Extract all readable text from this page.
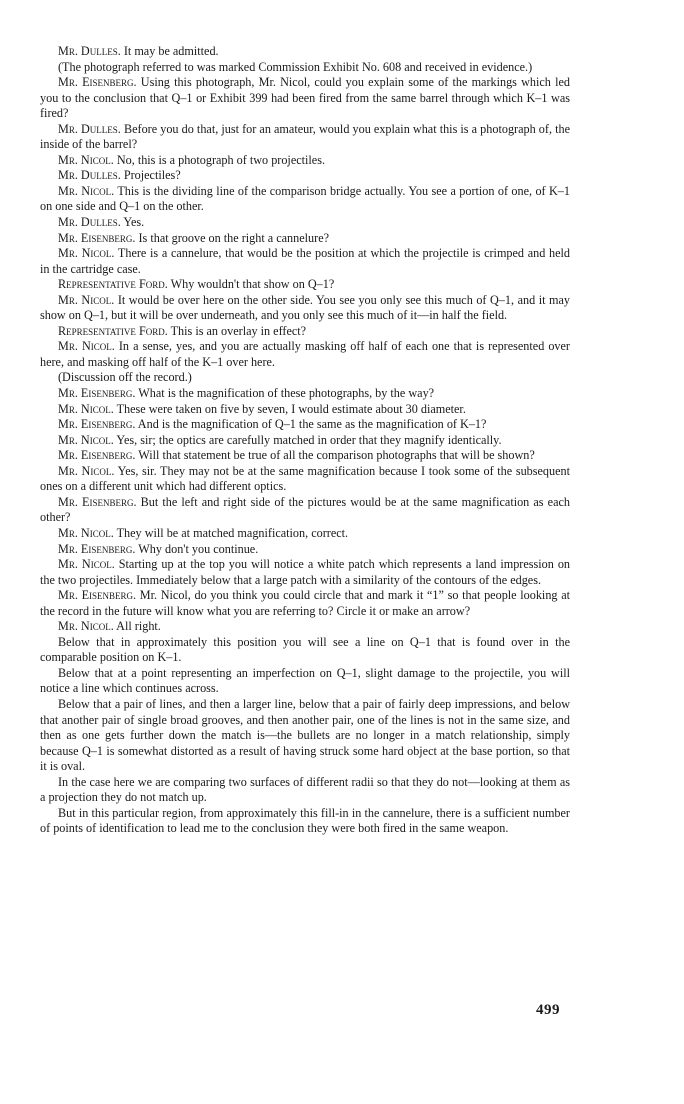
Mr. Dulles. It may be admitted.

(The photograph referred to was marked Commission Exhibit No. 608 and received in evidence.)

Mr. Eisenberg. Using this photograph, Mr. Nicol, could you explain some of the markings which led you to the conclusion that Q–1 or Exhibit 399 had been fired from the same barrel through which K–1 was fired?

Mr. Dulles. Before you do that, just for an amateur, would you explain what this is a photograph of, the inside of the barrel?

Mr. Nicol. No, this is a photograph of two projectiles.

Mr. Dulles. Projectiles?

Mr. Nicol. This is the dividing line of the comparison bridge actually. You see a portion of one, of K–1 on one side and Q–1 on the other.

Mr. Dulles. Yes.

Mr. Eisenberg. Is that groove on the right a cannelure?

Mr. Nicol. There is a cannelure, that would be the position at which the projectile is crimped and held in the cartridge case.

Representative Ford. Why wouldn't that show on Q–1?

Mr. Nicol. It would be over here on the other side. You see you only see this much of Q–1, and it may show on Q–1, but it will be over underneath, and you only see this much of it—in half the field.

Representative Ford. This is an overlay in effect?

Mr. Nicol. In a sense, yes, and you are actually masking off half of each one that is represented over here, and masking off half of the K–1 over here.

(Discussion off the record.)

Mr. Eisenberg. What is the magnification of these photographs, by the way?

Mr. Nicol. These were taken on five by seven, I would estimate about 30 diameter.

Mr. Eisenberg. And is the magnification of Q–1 the same as the magnification of K–1?

Mr. Nicol. Yes, sir; the optics are carefully matched in order that they magnify identically.

Mr. Eisenberg. Will that statement be true of all the comparison photographs that will be shown?

Mr. Nicol. Yes, sir. They may not be at the same magnification because I took some of the subsequent ones on a different unit which had different optics.

Mr. Eisenberg. But the left and right side of the pictures would be at the same magnification as each other?

Mr. Nicol. They will be at matched magnification, correct.

Mr. Eisenberg. Why don't you continue.

Mr. Nicol. Starting up at the top you will notice a white patch which represents a land impression on the two projectiles. Immediately below that a large patch with a similarity of the contours of the edges.

Mr. Eisenberg. Mr. Nicol, do you think you could circle that and mark it “1” so that people looking at the record in the future will know what you are referring to? Circle it or make an arrow?

Mr. Nicol. All right.

Below that in approximately this position you will see a line on Q–1 that is found over in the comparable position on K–1.

Below that at a point representing an imperfection on Q–1, slight damage to the projectile, you will notice a line which continues across.

Below that a pair of lines, and then a larger line, below that a pair of fairly deep impressions, and below that another pair of single broad grooves, and then another pair, one of the lines is not in the same size, and then as one gets further down the match is—the bullets are no longer in a match relationship, simply because Q–1 is somewhat distorted as a result of having struck some hard object at the base portion, so that it is oval.

In the case here we are comparing two surfaces of different radii so that they do not—looking at them as a projection they do not match up.

But in this particular region, from approximately this fill-in in the cannelure, there is a sufficient number of points of identification to lead me to the conclusion they were both fired in the same weapon.

499
